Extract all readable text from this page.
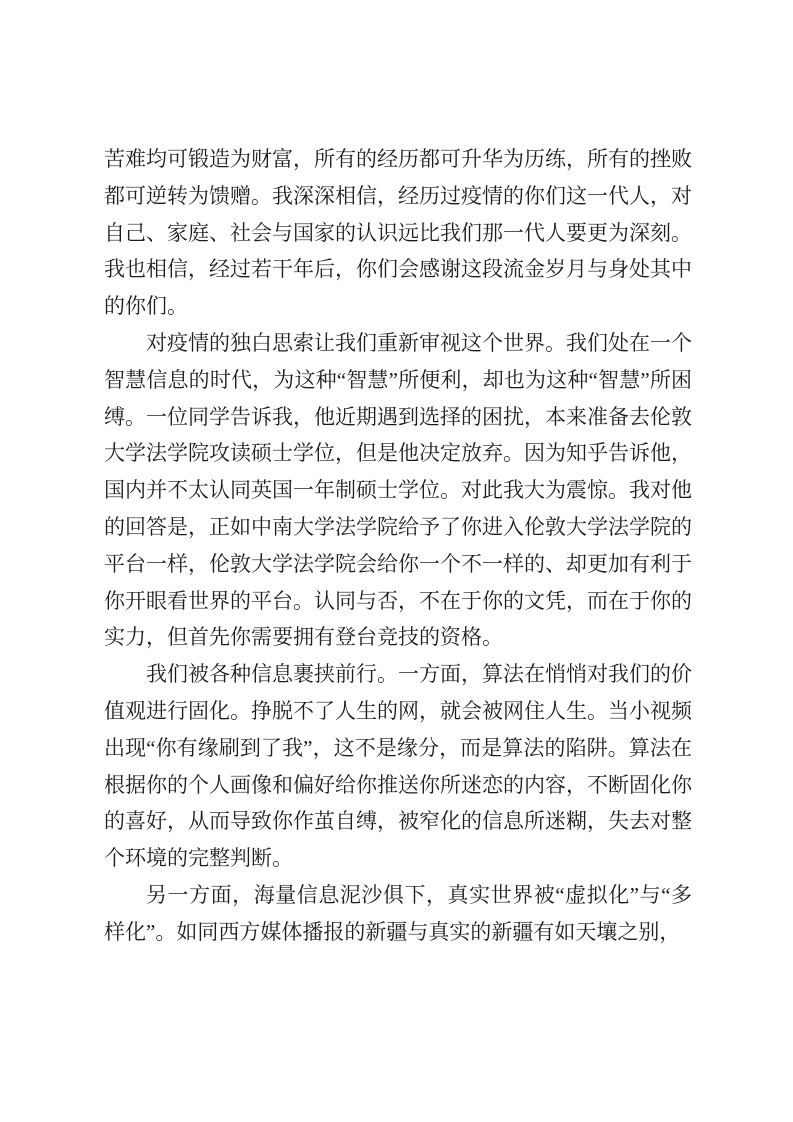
苦难均可锻造为财富，所有的经历都可升华为历练，所有的挫败都可逆转为馈赠。我深深相信，经历过疫情的你们这一代人，对自己、家庭、社会与国家的认识远比我们那一代人要更为深刻。我也相信，经过若干年后，你们会感谢这段流金岁月与身处其中的你们。

对疫情的独白思索让我们重新审视这个世界。我们处在一个智慧信息的时代，为这种“智慧”所便利，却也为这种“智慧”所困缚。一位同学告诉我，他近期遇到选择的困扰，本来准备去伦敦大学法学院攻读硕士学位，但是他决定放弃。因为知乎告诉他，国内并不太认同英国一年制硕士学位。对此我大为震惊。我对他的回答是，正如中南大学法学院给予了你进入伦敦大学法学院的平台一样，伦敦大学法学院会给你一个不一样的、却更加有利于你开眼看世界的平台。认同与否，不在于你的文凭，而在于你的实力，但首先你需要拥有登台竞技的资格。

我们被各种信息裹挟前行。一方面，算法在悄悄对我们的价值观进行固化。挣脱不了人生的网，就会被网住人生。当小视频出现“你有缘刷到了我”，这不是缘分，而是算法的陷阱。算法在根据你的个人画像和偏好给你推送你所迷恋的内容，不断固化你的喜好，从而导致你作茧自缚，被窄化的信息所迷糊，失去对整个环境的完整判断。

另一方面，海量信息泥沙俱下，真实世界被“虚拟化”与“多样化”。如同西方媒体播报的新疆与真实的新疆有如天壤之别，
